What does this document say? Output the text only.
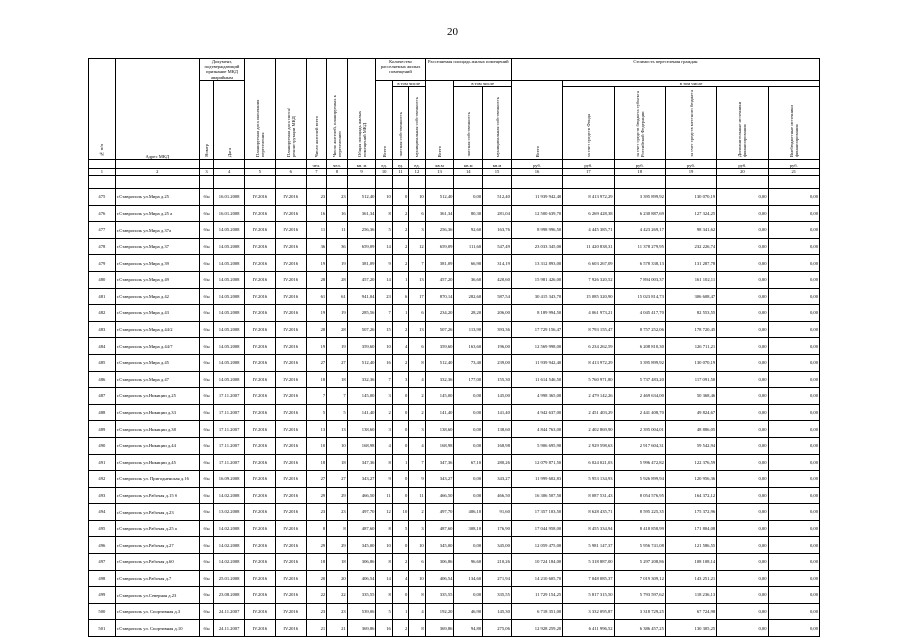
20
№ п/п	Адрес МКД	Документ, подтверждающий признание МКД аварийным		Планируемая дата окончания переселения	Планируемая дата сноса/ реконструкции МКД	Число жителей всего	Число жителей, планируемых к переселению	Общая площадь жилых помещений МКД	Количество расселяемых жилых помещений			Расселяемая площадь жилых помещений			Стоимость переселения граждан					
		Номер	Дата						Всего	в том числе		Всего	в том числе		Всего	в том числе				
										частная собственность	муниципальная собственность		частная собственность	муниципальная собственность		за счет средств Фонда	за счет средств бюджета субъекта Российской Федерации	за счет средств местного бюджета	Дополнительные источники финансирования	Внебюджетные источники финансирования
						чел.	чел.	кв. м	ед.	ед.	ед.	кв.м	кв.м	кв.м	руб.	руб.	руб.	руб.	руб.	руб.
1	2	3	4	5	6	7	8	9	10	11	12	13	14	15	16	17	18	19	20	21

475	г.Ставрополь ул.Мира д.25	б/н	16.01.2008	IV.2016	IV.2016	23	23	512,40	10	0	10	512,40	0,00	512,40	11 939 942,40	8 413 972,29	3 395 899,92	130 070,19	0,00	0,00
476	г.Ставрополь ул.Мира д.25 а	б/н	16.01.2008	IV.2016	IV.2016	16	16	361,34	8	2	6	361,34	80,30	281,04	12 500 639,70	6 269 428,38	6 230 887,69	127 324,25	0,00	0,00
477	г.Ставрополь ул.Мира д.37а	б/н	14.05.2008	IV.2016	IV.2016	11	11	256,36	5	2	3	256,36	92,60	163,76	8 998 996,50	4 445 385,71	4 423 269,17	98 341,62	0,00	0,00
478	г.Ставрополь ул.Мира д.37	б/н	14.05.2008	IV.2016	IV.2016	36	36	659,09	14	2	12	659,09	111,60	547,49	23 033 345,00	11 420 838,31	11 378 279,95	232 226,74	0,00	0,00
479	г.Ставрополь ул.Мира д.39	б/н	14.05.2008	IV.2016	IV.2016	19	19	381,09	9	2	7	381,09	66,90	314,19	13 312 893,00	6 603 267,09	6 578 338,13	131 287,78	0,00	0,00
480	г.Ставрополь ул.Мира д.49	б/н	14.05.2008	IV.2016	IV.2016	28	28	457,20	14	1	13	457,20	36,60	420,60	15 981 426,00	7 926 320,52	7 894 003,37	161 102,11	0,00	0,00
481	г.Ставрополь ул.Мира д.42	б/н	14.05.2008	IV.2016	IV.2016	61	61	941,04	23	6	17	870,14	282,60	587,54	30 415 343,70	15 085 320,90	15 023 814,73	306 608,47	0,00	0,00
482	г.Ставрополь ул.Мира д.43	б/н	14.05.2008	IV.2016	IV.2016	19	19	285,56	7	1	6	234,20	28,20	206,00	8 189 994,50	4 061 973,21	4 045 417,70	82 553,55	0,00	0,00
483	г.Ставрополь ул.Мира д.44/2	б/н	14.05.2008	IV.2016	IV.2016	28	28	507,26	15	2	13	507,26	113,90	393,36	17 729 156,47	8 793 155,47	8 757 252,06	178 720,45	0,00	0,00
484	г.Ставрополь ул.Мира д.44/7	б/н	14.05.2008	IV.2016	IV.2016	19	19	359,60	10	4	6	359,60	163,60	196,00	12 569 998,00	6 234 262,59	6 208 810,30	126 711,21	0,00	0,00
485	г.Ставрополь ул.Мира д.45	б/н	14.05.2008	IV.2016	IV.2016	27	27	512,40	16	2	8	512,40	73,40	239,00	11 939 942,40	8 413 972,29	3 395 899,92	130 070,19	0,00	0,00
486	г.Ставрополь ул.Мира д.47	б/н	14.05.2008	IV.2016	IV.2016	18	18	332,36	7	3	4	332,36	177,00	155,30	11 614 546,50	5 760 971,80	5 737 483,20	117 091,50	0,00	0,00
487	г.Ставрополь ул.Никиции д.25	б/н	17.11.2007	IV.2016	IV.2016	7	7	145,00	3	0	2	145,00	0,00	145,00	4 998 365,00	2 479 142,26	2 469 634,00	50 368,46	0,00	0,00
488	г.Ставрополь ул.Никиции д.33	б/н	17.11.2007	IV.2016	IV.2016	5	5	141,40	2	0	2	141,40	0,00	141,40	4 942 637,00	2 451 403,29	2 441 408,70	49 824,67	0,00	0,00
489	г.Ставрополь ул.Никиции д.38	б/н	17.11.2007	IV.2016	IV.2016	13	13	138,60	3	0	3	138,60	0,00	138,60	4 844 763,00	2 402 869,90	2 395 004,01	48 886,05	0,00	0,00
490	г.Ставрополь ул.Никиции д.44	б/н	17.11.2007	IV.2016	IV.2016	10	10	168,98	4	0	4	168,98	0,00	168,98	5 906 695,90	2 929 598,63	2 917 604,31	59 542,94	0,00	0,00
491	г.Ставрополь ул.Никиции д.45	б/н	17.11.2007	IV.2016	IV.2016	18	18	347,36	8	1	7	347,36	67,10	280,26	12 079 871,50	6 024 021,03	5 996 472,82	122 376,59	0,00	0,00
492	г.Ставрополь ул. Пригодненская д.16	б/н	16.09.2008	IV.2016	IV.2016	27	27	343,27	9	0	9	343,27	0,00	343,27	11 999 602,83	5 953 134,93	5 926 899,94	120 956,36	0,00	0,00
493	г.Ставрополь ул.Рабочая д.15 б	б/н	14.02.2008	IV.2016	IV.2016	29	29	466,50	11	0	11	466,50	0,00	466,50	16 306 507,50	8 087 531,43	8 054 576,95	164 372,12	0,00	0,00
494	г.Ставрополь ул.Рабочая д.23	б/н	13.02.2008	IV.2016	IV.2016	23	23	497,70	12	10	2	497,70	406,10	91,60	17 357 103,50	8 628 435,71	8 595 225,35	175 372,96	0,00	0,00
495	г.Ставрополь ул.Рабочая д.25 а	б/н	14.02.2008	IV.2016	IV.2016	8	8	487,60	8	5	3	487,60	308,10	176,90	17 044 958,00	8 455 334,94	8 418 858,99	171 804,08	0,00	0,00
496	г.Ставрополь ул.Рабочая д.27	б/н	14.02.2008	IV.2016	IV.2016	29	29	345,00	10	0	10	345,00	0,00	345,00	12 059 475,00	5 981 147,37	5 956 741,08	121 586,55	0,00	0,00
497	г.Ставрополь ул.Рабочая д.60	б/н	14.02.2008	IV.2016	IV.2016	18	18	306,86	8	2	6	306,86	96,60	210,26	10 724 184,00	5 318 887,00	5 297 208,86	108 108,14	0,00	0,00
498	г.Ставрополь ул.Рабочая д.7	б/н	25.01.2008	IV.2016	IV.2016	20	20	406,54	14	4	10	406,54	134,60	271,94	14 210 605,70	7 048 085,37	7 019 309,12	143 251,21	0,00	0,00
499	г.Ставрополь ул.Северная д.23	б/н	23.08.2008	IV.2016	IV.2016	22	22	335,55	8	0	8	335,55	0,00	335,55	11 729 154,25	5 817 315,50	5 793 597,62	118 236,13	0,00	0,00
500	г.Ставрополь ул. Спортивная д.3	б/н	24.11.2007	IV.2016	IV.2016	23	23	539,06	5	1	4	192,20	46,90	145,30	6 718 351,00	3 332 095,87	3 318 729,25	67 724,98	0,00	0,00
501	г.Ставрополь ул. Спортивная д.10	б/н	24.11.2007	IV.2016	IV.2016	21	21	369,86	16	2	8	369,86	94,80	275,06	12 928 259,20	6 411 996,52	6 386 457,25	130 305,25	0,00	0,00
